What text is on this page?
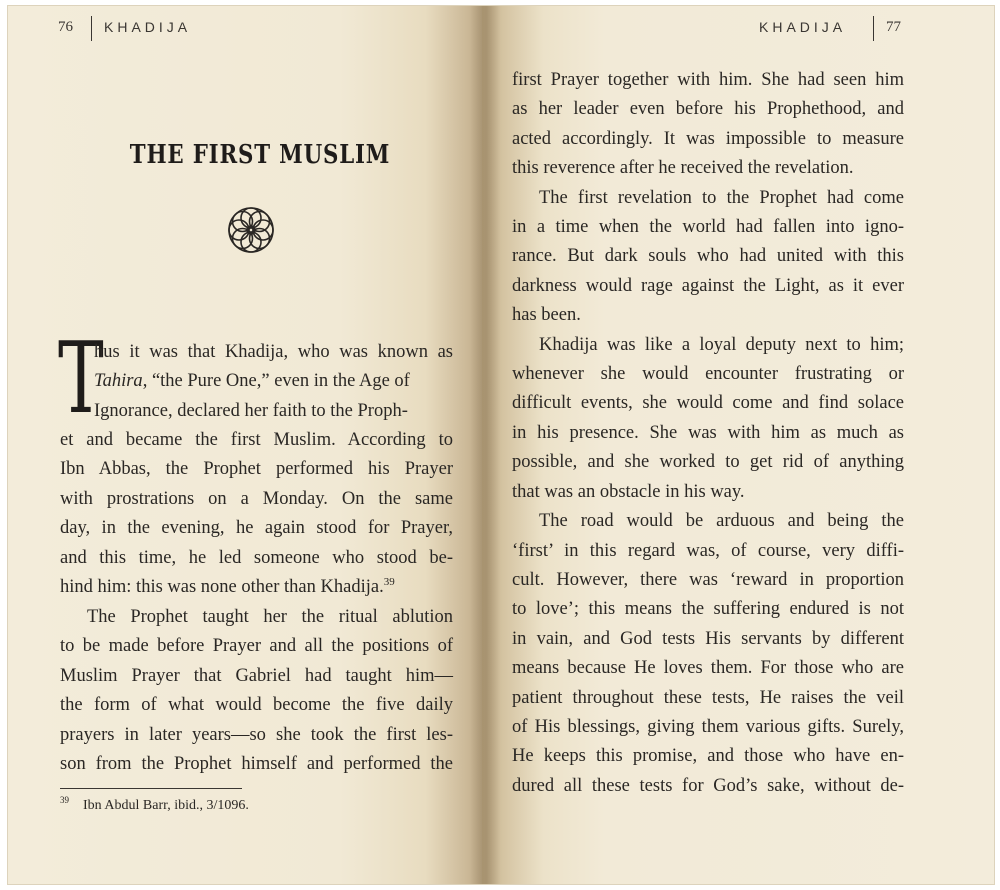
76 KHADIJA	KHADIJA	77
THE FIRST MUSLIM
T
hus it was that Khadija, who was known as
Tahira, “the Pure One,” even in the Age of
Ignorance, declared her faith to the Proph-
et and became the first Muslim. According to
Ibn Abbas, the Prophet performed his Prayer
with prostrations on a Monday. On the same
day, in the evening, he again stood for Prayer,
and this time, he led someone who stood be-
hind him: this was none other than Khadija.$^{39}$
The Prophet taught her the ritual ablution
to be made before Prayer and all the positions of
Muslim Prayer that Gabriel had taught him—
the form of what would become the five daily
prayers in later years—so she took the first les-
son from the Prophet himself and performed the
$^{39}$ Ibn Abdul Barr, ibid., 3/1096.
first Prayer together with him. She had seen him
as her leader even before his Prophethood, and
acted accordingly. It was impossible to measure
this reverence after he received the revelation.
The first revelation to the Prophet had come
in a time when the world had fallen into igno-
rance. But dark souls who had united with this
darkness would rage against the Light, as it ever
has been.
Khadija was like a loyal deputy next to him;
whenever she would encounter frustrating or
difficult events, she would come and find solace
in his presence. She was with him as much as
possible, and she worked to get rid of anything
that was an obstacle in his way.
The road would be arduous and being the
‘first’ in this regard was, of course, very diffi-
cult. However, there was ‘reward in proportion
to love’; this means the suffering endured is not
in vain, and God tests His servants by different
means because He loves them. For those who are
patient throughout these tests, He raises the veil
of His blessings, giving them various gifts. Surely,
He keeps this promise, and those who have en-
dured all these tests for God’s sake, without de-
